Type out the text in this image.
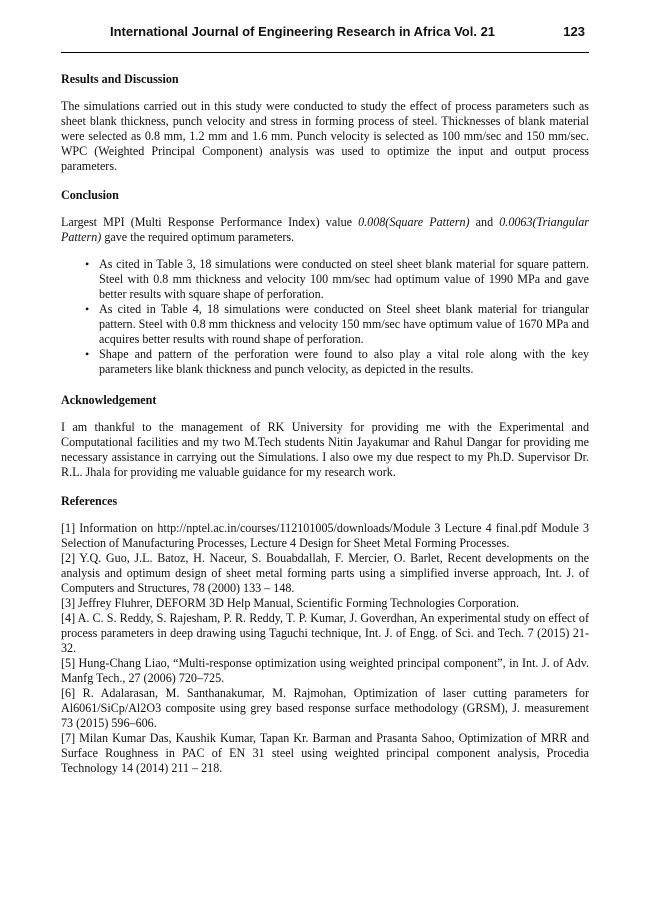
International Journal of Engineering Research in Africa Vol. 21	123
Results and Discussion

The simulations carried out in this study were conducted to study the effect of process parameters such as sheet blank thickness, punch velocity and stress in forming process of steel. Thicknesses of blank material were selected as 0.8 mm, 1.2 mm and 1.6 mm. Punch velocity is selected as 100 mm/sec and 150 mm/sec. WPC (Weighted Principal Component) analysis was used to optimize the input and output process parameters.

Conclusion

Largest MPI (Multi Response Performance Index) value 0.008(Square Pattern) and 0.0063(Triangular Pattern) gave the required optimum parameters.

• As cited in Table 3, 18 simulations were conducted on steel sheet blank material for square pattern. Steel with 0.8 mm thickness and velocity 100 mm/sec had optimum value of 1990 MPa and gave better results with square shape of perforation.
• As cited in Table 4, 18 simulations were conducted on Steel sheet blank material for triangular pattern. Steel with 0.8 mm thickness and velocity 150 mm/sec have optimum value of 1670 MPa and acquires better results with round shape of perforation.
• Shape and pattern of the perforation were found to also play a vital role along with the key parameters like blank thickness and punch velocity, as depicted in the results.
Acknowledgement

I am thankful to the management of RK University for providing me with the Experimental and Computational facilities and my two M.Tech students Nitin Jayakumar and Rahul Dangar for providing me necessary assistance in carrying out the Simulations. I also owe my due respect to my Ph.D. Supervisor Dr. R.L. Jhala for providing me valuable guidance for my research work.

References

[1] Information on http://nptel.ac.in/courses/112101005/downloads/Module 3 Lecture 4 final.pdf Module 3 Selection of Manufacturing Processes, Lecture 4 Design for Sheet Metal Forming Processes.

[2] Y.Q. Guo, J.L. Batoz, H. Naceur, S. Bouabdallah, F. Mercier, O. Barlet, Recent developments on the analysis and optimum design of sheet metal forming parts using a simplified inverse approach, Int. J. of Computers and Structures, 78 (2000) 133 – 148.

[3] Jeffrey Fluhrer, DEFORM 3D Help Manual, Scientific Forming Technologies Corporation.

[4] A. C. S. Reddy, S. Rajesham, P. R. Reddy, T. P. Kumar, J. Goverdhan, An experimental study on effect of process parameters in deep drawing using Taguchi technique, Int. J. of Engg. of Sci. and Tech. 7 (2015) 21-32.

[5] Hung-Chang Liao, “Multi-response optimization using weighted principal component”, in Int. J. of Adv. Manfg Tech., 27 (2006) 720–725.

[6] R. Adalarasan, M. Santhanakumar, M. Rajmohan, Optimization of laser cutting parameters for Al6061/SiCp/Al2O3 composite using grey based response surface methodology (GRSM), J. measurement 73 (2015) 596–606.

[7] Milan Kumar Das, Kaushik Kumar, Tapan Kr. Barman and Prasanta Sahoo, Optimization of MRR and Surface Roughness in PAC of EN 31 steel using weighted principal component analysis, Procedia Technology 14 (2014) 211 – 218.
